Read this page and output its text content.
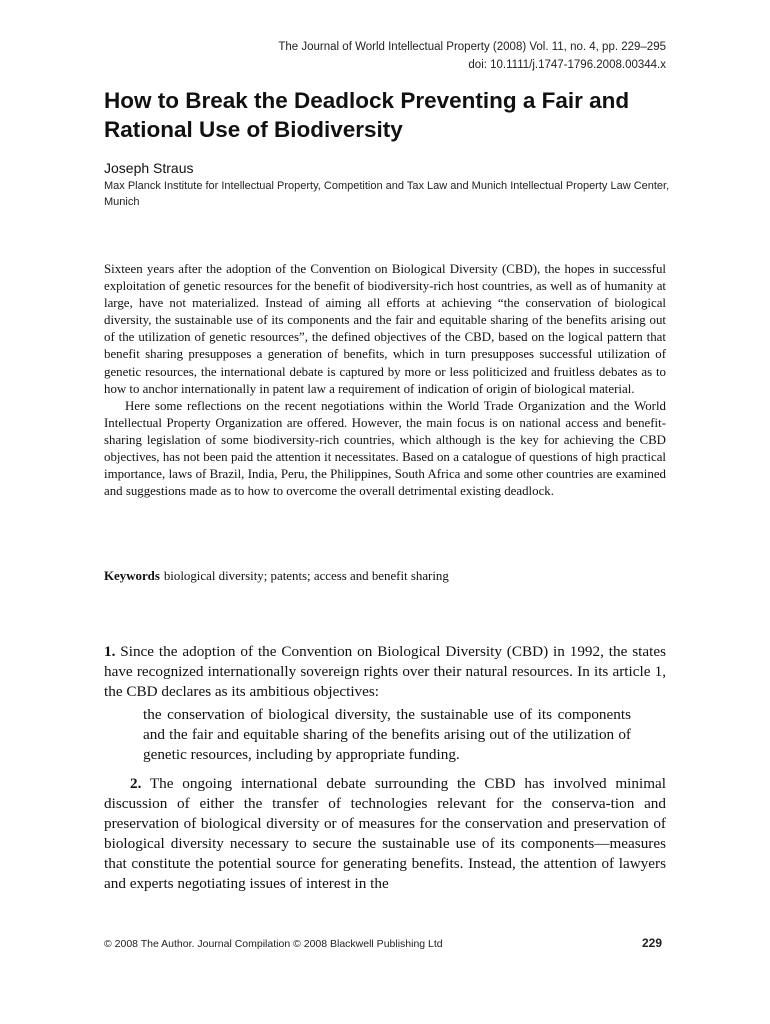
The Journal of World Intellectual Property (2008) Vol. 11, no. 4, pp. 229–295
doi: 10.1111/j.1747-1796.2008.00344.x
How to Break the Deadlock Preventing a Fair and Rational Use of Biodiversity
Joseph Straus
Max Planck Institute for Intellectual Property, Competition and Tax Law and Munich Intellectual Property Law Center, Munich

Sixteen years after the adoption of the Convention on Biological Diversity (CBD), the hopes in successful exploitation of genetic resources for the benefit of biodiversity-rich host countries, as well as of humanity at large, have not materialized. Instead of aiming all efforts at achieving “the conservation of biological diversity, the sustainable use of its components and the fair and equitable sharing of the benefits arising out of the utilization of genetic resources”, the defined objectives of the CBD, based on the logical pattern that benefit sharing presupposes a generation of benefits, which in turn presupposes successful utilization of genetic resources, the international debate is captured by more or less politicized and fruitless debates as to how to anchor internationally in patent law a requirement of indication of origin of biological material.

Here some reflections on the recent negotiations within the World Trade Organization and the World Intellectual Property Organization are offered. However, the main focus is on national access and benefit-sharing legislation of some biodiversity-rich countries, which although is the key for achieving the CBD objectives, has not been paid the attention it necessitates. Based on a catalogue of questions of high practical importance, laws of Brazil, India, Peru, the Philippines, South Africa and some other countries are examined and suggestions made as to how to overcome the overall detrimental existing deadlock.

Keywords biological diversity; patents; access and benefit sharing

1. Since the adoption of the Convention on Biological Diversity (CBD) in 1992, the states have recognized internationally sovereign rights over their natural resources. In its article 1, the CBD declares as its ambitious objectives:

the conservation of biological diversity, the sustainable use of its components and the fair and equitable sharing of the benefits arising out of the utilization of genetic resources, including by appropriate funding.

2. The ongoing international debate surrounding the CBD has involved minimal discussion of either the transfer of technologies relevant for the conserva-tion and preservation of biological diversity or of measures for the conservation and preservation of biological diversity necessary to secure the sustainable use of its components—measures that constitute the potential source for generating benefits. Instead, the attention of lawyers and experts negotiating issues of interest in the

© 2008 The Author. Journal Compilation © 2008 Blackwell Publishing Ltd	229
